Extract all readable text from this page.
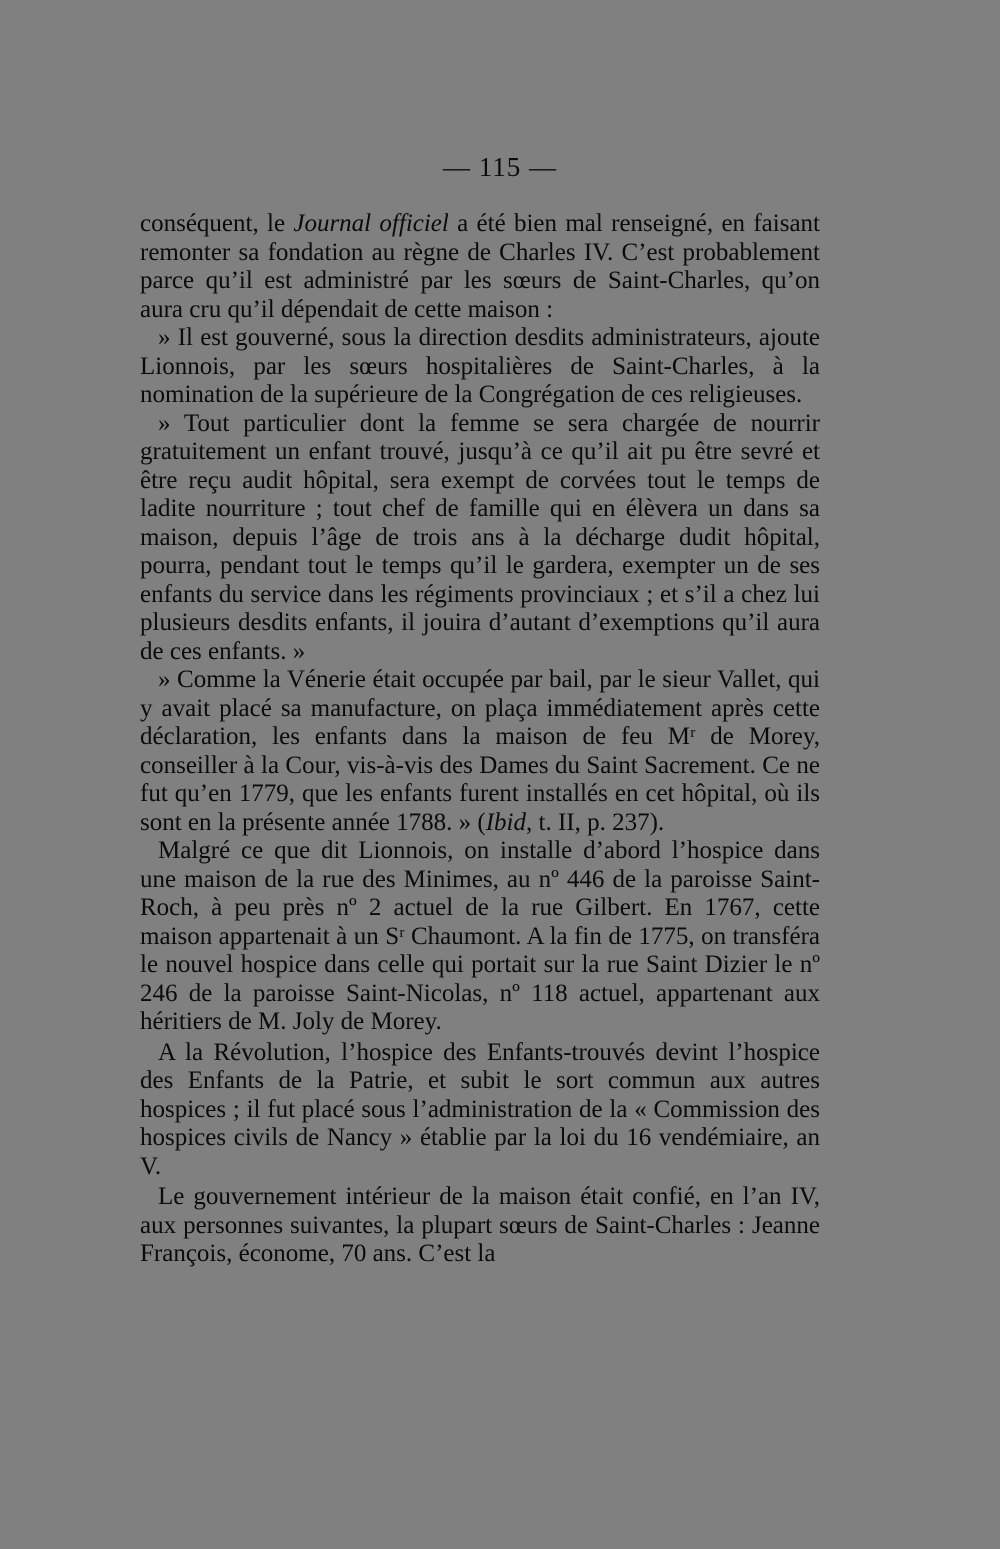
— 115 —

conséquent, le Journal officiel a été bien mal renseigné, en faisant remonter sa fondation au règne de Charles IV. C’est probablement parce qu’il est administré par les sœurs de Saint-Charles, qu’on aura cru qu’il dépendait de cette maison :

» Il est gouverné, sous la direction desdits administrateurs, ajoute Lionnois, par les sœurs hospitalières de Saint-Charles, à la nomination de la supérieure de la Congrégation de ces religieuses.

» Tout particulier dont la femme se sera chargée de nourrir gratuitement un enfant trouvé, jusqu’à ce qu’il ait pu être sevré et être reçu audit hôpital, sera exempt de corvées tout le temps de ladite nourriture ; tout chef de famille qui en élèvera un dans sa maison, depuis l’âge de trois ans à la décharge dudit hôpital, pourra, pendant tout le temps qu’il le gardera, exempter un de ses enfants du service dans les régiments provinciaux ; et s’il a chez lui plusieurs desdits enfants, il jouira d’autant d’exemptions qu’il aura de ces enfants. »

» Comme la Vénerie était occupée par bail, par le sieur Vallet, qui y avait placé sa manufacture, on plaça immédiatement après cette déclaration, les enfants dans la maison de feu Mʳ de Morey, conseiller à la Cour, vis-à-vis des Dames du Saint Sacrement. Ce ne fut qu’en 1779, que les enfants furent installés en cet hôpital, où ils sont en la présente année 1788. » (Ibid, t. II, p. 237).

Malgré ce que dit Lionnois, on installe d’abord l’hospice dans une maison de la rue des Minimes, au nº 446 de la paroisse Saint-Roch, à peu près nº 2 actuel de la rue Gilbert. En 1767, cette maison appartenait à un Sʳ Chaumont. A la fin de 1775, on transféra le nouvel hospice dans celle qui portait sur la rue Saint Dizier le nº 246 de la paroisse Saint-Nicolas, nº 118 actuel, appartenant aux héritiers de M. Joly de Morey.

A la Révolution, l’hospice des Enfants-trouvés devint l’hospice des Enfants de la Patrie, et subit le sort commun aux autres hospices ; il fut placé sous l’administration de la « Commission des hospices civils de Nancy » établie par la loi du 16 vendémiaire, an V.

Le gouvernement intérieur de la maison était confié, en l’an IV, aux personnes suivantes, la plupart sœurs de Saint-Charles : Jeanne François, économe, 70 ans. C’est la
